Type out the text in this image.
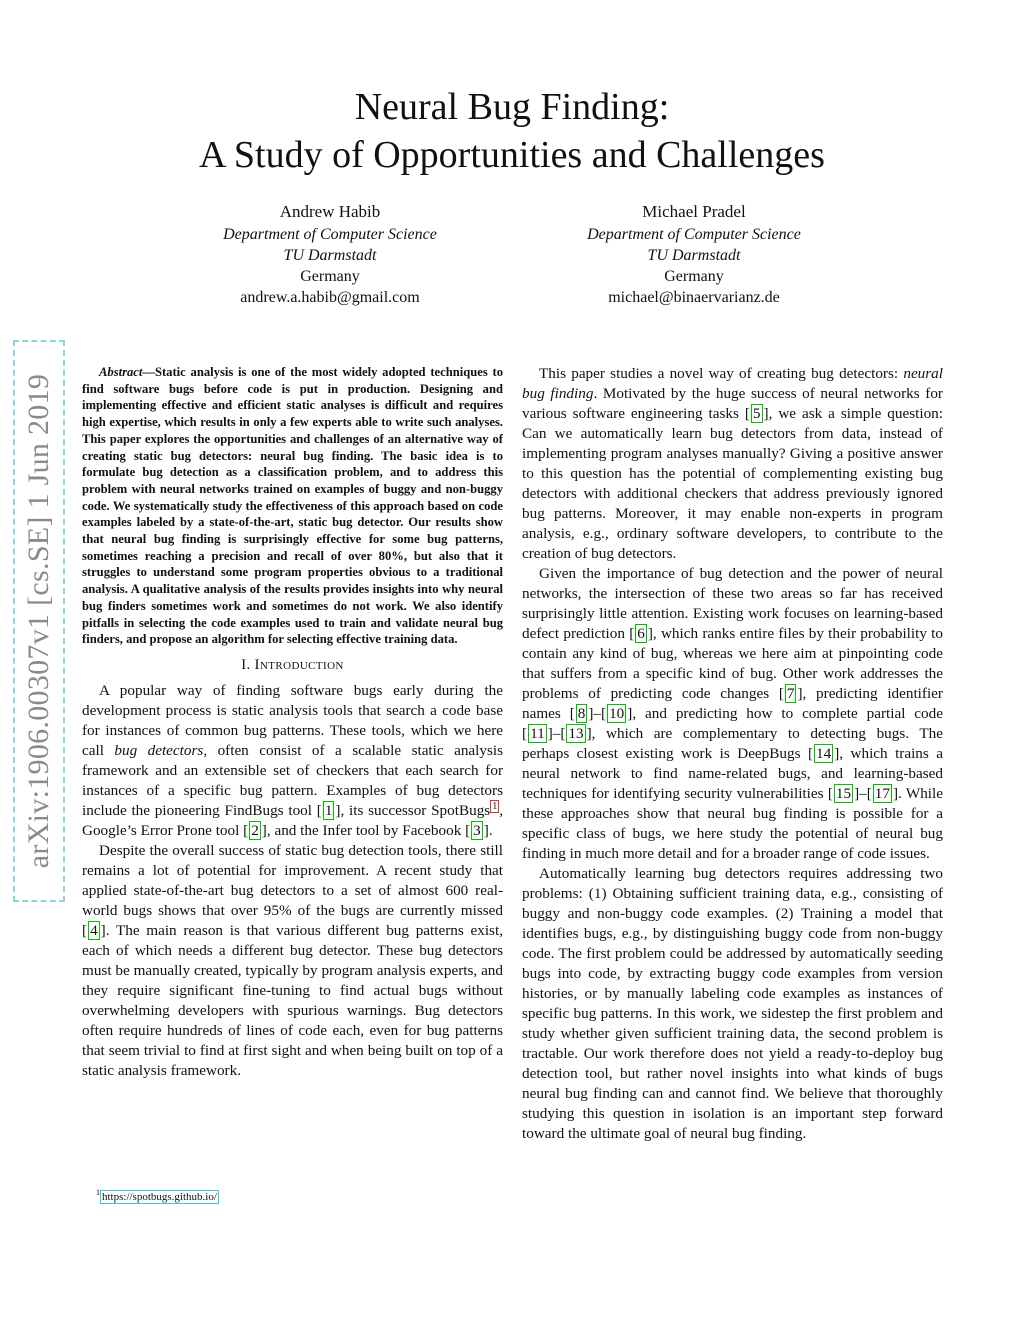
arXiv:1906.00307v1 [cs.SE] 1 Jun 2019
Neural Bug Finding:
A Study of Opportunities and Challenges
Andrew Habib
Department of Computer Science
TU Darmstadt
Germany
andrew.a.habib@gmail.com
Michael Pradel
Department of Computer Science
TU Darmstadt
Germany
michael@binaervarianz.de

Abstract—Static analysis is one of the most widely adopted techniques to find software bugs before code is put in production. Designing and implementing effective and efficient static analyses is difficult and requires high expertise, which results in only a few experts able to write such analyses. This paper explores the opportunities and challenges of an alternative way of creating static bug detectors: neural bug finding. The basic idea is to formulate bug detection as a classification problem, and to address this problem with neural networks trained on examples of buggy and non-buggy code. We systematically study the effectiveness of this approach based on code examples labeled by a state-of-the-art, static bug detector. Our results show that neural bug finding is surprisingly effective for some bug patterns, sometimes reaching a precision and recall of over 80%, but also that it struggles to understand some program properties obvious to a traditional analysis. A qualitative analysis of the results provides insights into why neural bug finders sometimes work and sometimes do not work. We also identify pitfalls in selecting the code examples used to train and validate neural bug finders, and propose an algorithm for selecting effective training data.

I. Introduction

A popular way of finding software bugs early during the development process is static analysis tools that search a code base for instances of common bug patterns. These tools, which we here call bug detectors, often consist of a scalable static analysis framework and an extensible set of checkers that each search for instances of a specific bug pattern. Examples of bug detectors include the pioneering FindBugs tool [ 1 ], its successor SpotBugs $^1$ , Google’s Error Prone tool [ 2 ], and the Infer tool by Facebook [ 3 ].

Despite the overall success of static bug detection tools, there still remains a lot of potential for improvement. A recent study that applied state-of-the-art bug detectors to a set of almost 600 real-world bugs shows that over 95% of the bugs are currently missed [ 4 ]. The main reason is that various different bug patterns exist, each of which needs a different bug detector. These bug detectors must be manually created, typically by program analysis experts, and they require significant fine-tuning to find actual bugs without overwhelming developers with spurious warnings. Bug detectors often require hundreds of lines of code each, even for bug patterns that seem trivial to find at first sight and when being built on top of a static analysis framework.

$^1$ https://spotbugs.github.io/

This paper studies a novel way of creating bug detectors: neural bug finding. Motivated by the huge success of neural networks for various software engineering tasks [ 5 ], we ask a simple question: Can we automatically learn bug detectors from data, instead of implementing program analyses manually? Giving a positive answer to this question has the potential of complementing existing bug detectors with additional checkers that address previously ignored bug patterns. Moreover, it may enable non-experts in program analysis, e.g., ordinary software developers, to contribute to the creation of bug detectors.

Given the importance of bug detection and the power of neural networks, the intersection of these two areas so far has received surprisingly little attention. Existing work focuses on learning-based defect prediction [ 6 ], which ranks entire files by their probability to contain any kind of bug, whereas we here aim at pinpointing code that suffers from a specific kind of bug. Other work addresses the problems of predicting code changes [ 7 ], predicting identifier names [ 8 ]–[ 10 ], and predicting how to complete partial code [ 11 ]–[ 13 ], which are complementary to detecting bugs. The perhaps closest existing work is DeepBugs [ 14 ], which trains a neural network to find name-related bugs, and learning-based techniques for identifying security vulnerabilities [ 15 ]–[ 17 ]. While these approaches show that neural bug finding is possible for a specific class of bugs, we here study the potential of neural bug finding in much more detail and for a broader range of code issues.

Automatically learning bug detectors requires addressing two problems: (1) Obtaining sufficient training data, e.g., consisting of buggy and non-buggy code examples. (2) Training a model that identifies bugs, e.g., by distinguishing buggy code from non-buggy code. The first problem could be addressed by automatically seeding bugs into code, by extracting buggy code examples from version histories, or by manually labeling code examples as instances of specific bug patterns. In this work, we sidestep the first problem and study whether given sufficient training data, the second problem is tractable. Our work therefore does not yield a ready-to-deploy bug detection tool, but rather novel insights into what kinds of bugs neural bug finding can and cannot find. We believe that thoroughly studying this question in isolation is an important step forward toward the ultimate goal of neural bug finding.
